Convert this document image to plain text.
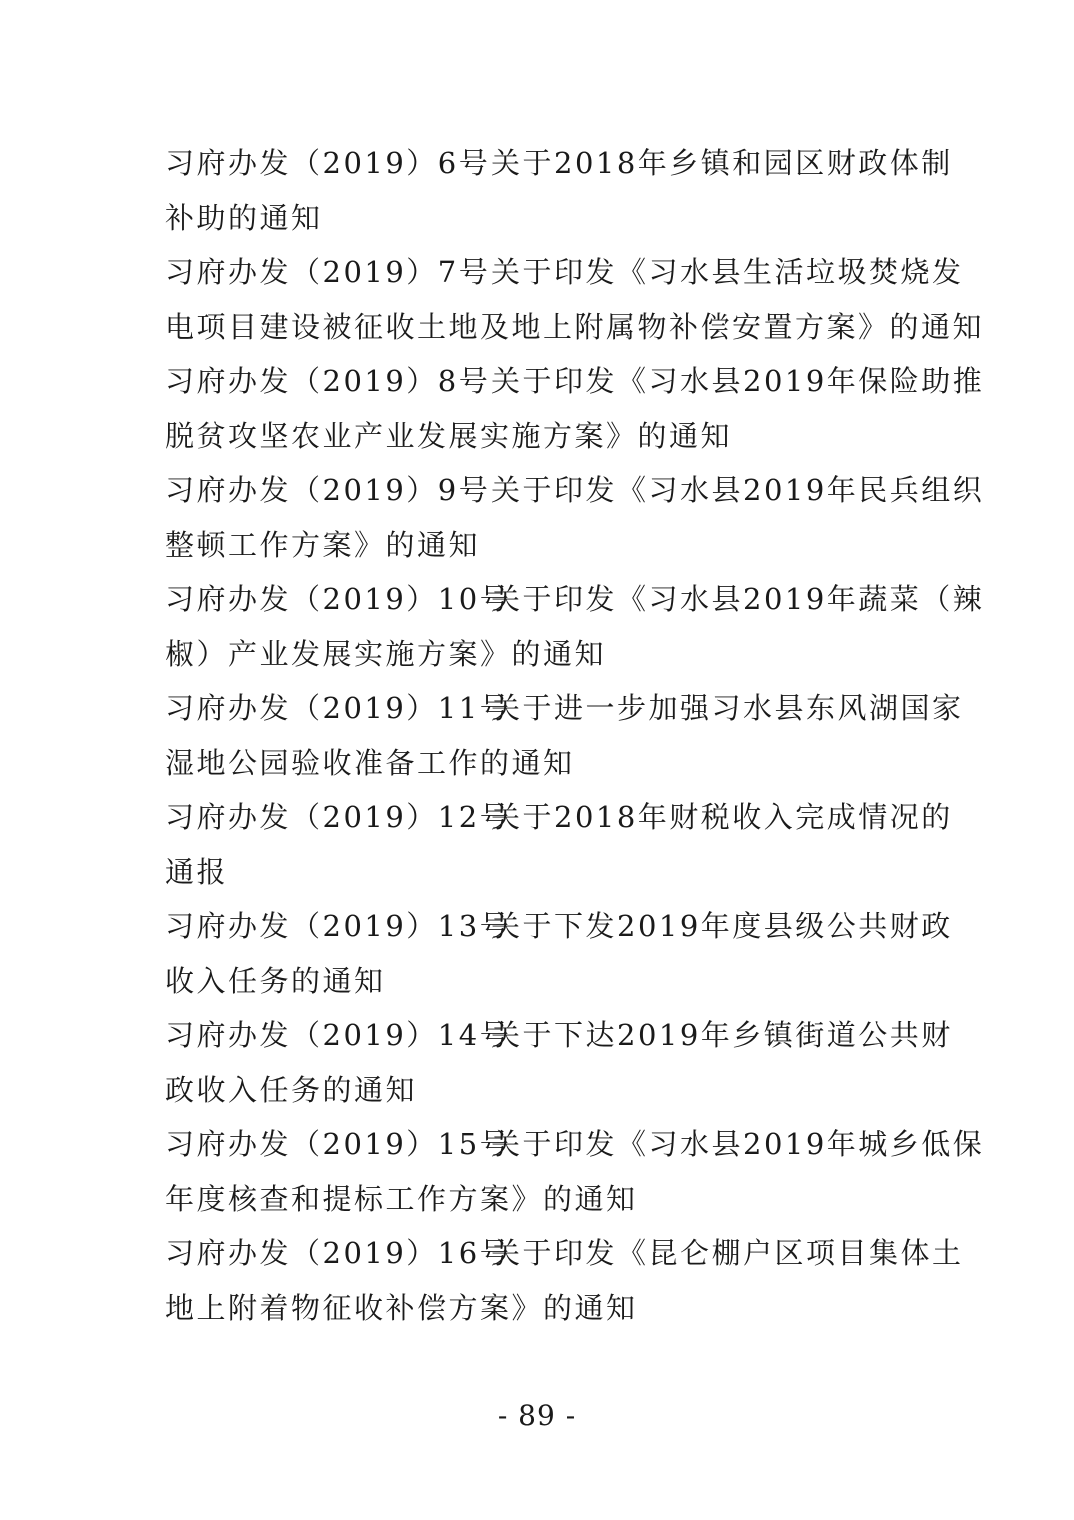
习府办发（2019）6号关于2018年乡镇和园区财政体制
补助的通知
习府办发（2019）7号关于印发《习水县生活垃圾焚烧发
电项目建设被征收土地及地上附属物补偿安置方案》的通知
习府办发（2019）8号关于印发《习水县2019年保险助推
脱贫攻坚农业产业发展实施方案》的通知
习府办发（2019）9号关于印发《习水县2019年民兵组织
整顿工作方案》的通知
习府办发（2019）10号关于印发《习水县2019年蔬菜（辣
椒）产业发展实施方案》的通知
习府办发（2019）11号关于进一步加强习水县东风湖国家
湿地公园验收准备工作的通知
习府办发（2019）12号关于2018年财税收入完成情况的
通报
习府办发（2019）13号关于下发2019年度县级公共财政
收入任务的通知
习府办发（2019）14号关于下达2019年乡镇街道公共财
政收入任务的通知
习府办发（2019）15号关于印发《习水县2019年城乡低保
年度核查和提标工作方案》的通知
习府办发（2019）16号关于印发《昆仑棚户区项目集体土
地上附着物征收补偿方案》的通知
- 89 -
